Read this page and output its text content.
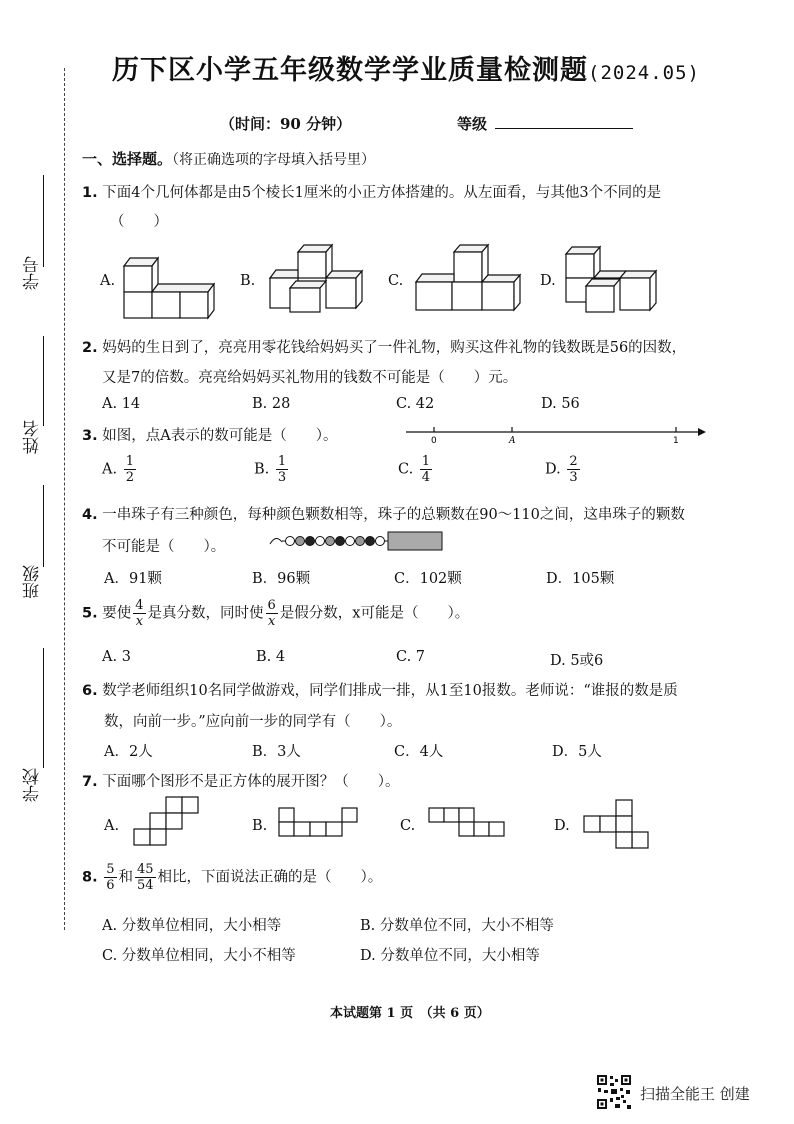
历下区小学五年级数学学业质量检测题(2024.05)
（时间：90 分钟）	等级
学号
姓名
班级
学校
一、选择题。（将正确选项的字母填入括号里）
1. 下面4个几何体都是由5个棱长1厘米的小正方体搭建的。从左面看，与其他3个不同的是
（　　）
A.	B.	C.	D.
2. 妈妈的生日到了，亮亮用零花钱给妈妈买了一件礼物，购买这件礼物的钱数既是56的因数，
又是7的倍数。亮亮给妈妈买礼物用的钱数不可能是（　　）元。
A. 14	B. 28	C. 42	D. 56
3. 如图，点A表示的数可能是（　　）。	0	A	1
A. $\frac{1}{2}$	B. $\frac{1}{3}$	C. $\frac{1}{4}$	D. $\frac{2}{3}$
4. 一串珠子有三种颜色，每种颜色颗数相等，珠子的总颗数在90～110之间，这串珠子的颗数
不可能是（　　）。
A．91颗	B．96颗	C．102颗	D．105颗
5. 要使 $\frac{4}{x}$ 是真分数，同时使 $\frac{6}{x}$ 是假分数，x可能是（　　）。
A. 3	B. 4	C. 7	D. 5或6
6. 数学老师组织10名同学做游戏，同学们排成一排，从1至10报数。老师说：“谁报的数是质
数，向前一步。”应向前一步的同学有（　　）。
A．2人	B．3人	C．4人	D．5人
7. 下面哪个图形不是正方体的展开图？（　　）。
A.	B.	C.	D.
8. $\frac{5}{6}$ 和 $\frac{45}{54}$ 相比，下面说法正确的是（　　）。
A. 分数单位相同，大小相等	B. 分数单位不同，大小不相等
C. 分数单位相同，大小不相等	D. 分数单位不同，大小相等
本试题第 1 页　（共 6 页）
扫描全能王 创建
